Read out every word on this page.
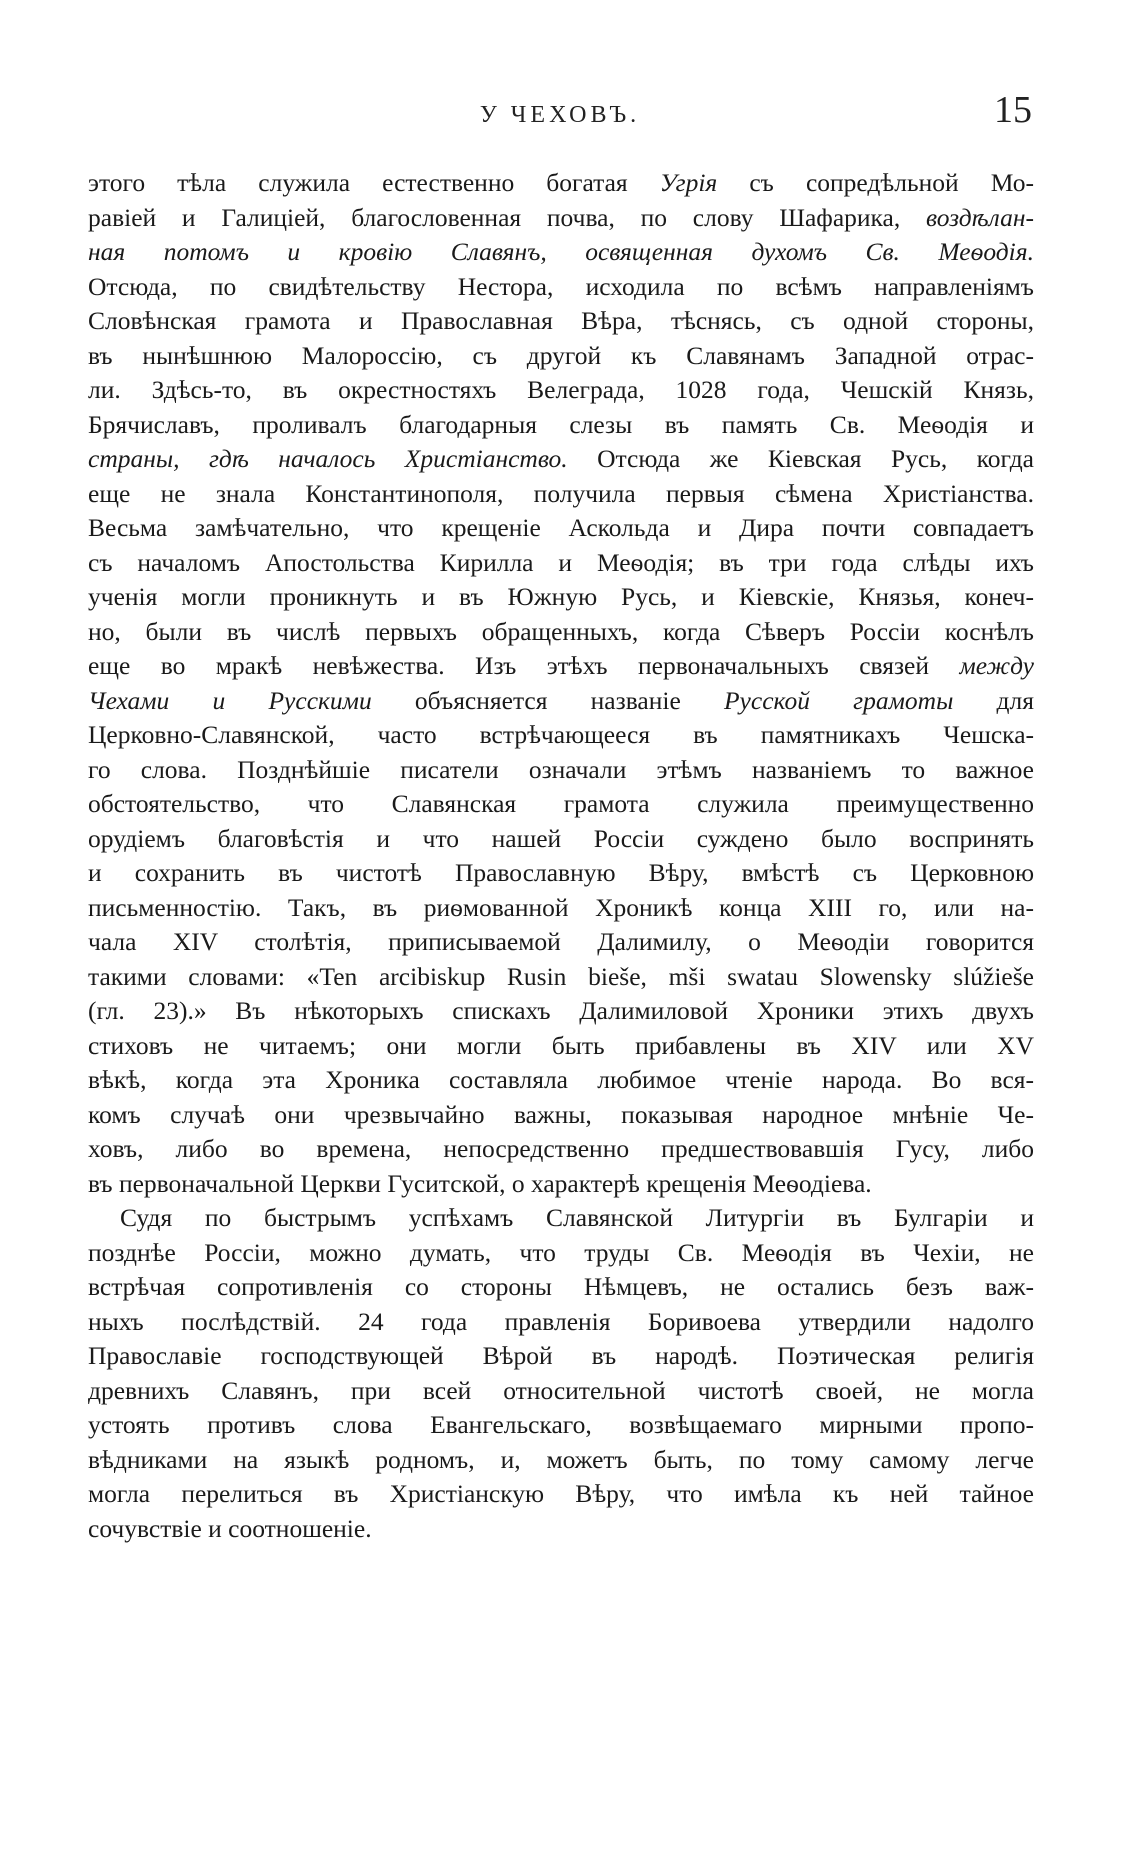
У ЧЕХОВЪ.	15
этого тѣла служила естественно богатая Угрія съ сопредѣльной Мо-
равіей и Галиціей, благословенная почва, по слову Шафарика, воздѣлан-
ная потомъ и кровію Славянъ, освященная духомъ Св. Меѳодія.
Отсюда, по свидѣтельству Нестора, исходила по всѣмъ направленіямъ
Словѣнская грамота и Православная Вѣра, тѣснясь, съ одной стороны,
въ нынѣшнюю Малороссію, съ другой къ Славянамъ Западной отрас-
ли. Здѣсь-то, въ окрестностяхъ Велеграда, 1028 года, Чешскій Князь,
Брячиславъ, проливалъ благодарныя слезы въ память Св. Меѳодія и
страны, гдѣ началось Христіанство. Отсюда же Кіевская Русь, когда
еще не знала Константинополя, получила первыя сѣмена Христіанства.
Весьма замѣчательно, что крещеніе Аскольда и Дира почти совпадаетъ
съ началомъ Апостольства Кирилла и Меѳодія; въ три года слѣды ихъ
ученія могли проникнуть и въ Южную Русь, и Кіевскіе, Князья, конеч-
но, были въ числѣ первыхъ обращенныхъ, когда Сѣверъ Россіи коснѣлъ
еще во мракѣ невѣжества. Изъ этѣхъ первоначальныхъ связей между
Чехами и Русскими объясняется названіе Русской грамоты для
Церковно-Славянской, часто встрѣчающееся въ памятникахъ Чешска-
го слова. Позднѣйшіе писатели означали этѣмъ названіемъ то важное
обстоятельство, что Славянская грамота служила преимущественно
орудіемъ благовѣстія и что нашей Россіи суждено было воспринять
и сохранить въ чистотѣ Православную Вѣру, вмѣстѣ съ Церковною
письменностію. Такъ, въ риѳмованной Хроникѣ конца XIII го, или на-
чала XIV столѣтія, приписываемой Далимилу, о Меѳодіи говорится
такими словами: «Ten arcibiskup Rusin bieše, mši swatau Slowensky slúžieše
(гл. 23).» Въ нѣкоторыхъ спискахъ Далимиловой Хроники этихъ двухъ
стиховъ не читаемъ; они могли быть прибавлены въ XIV или XV
вѣкѣ, когда эта Хроника составляла любимое чтеніе народа. Во вся-
комъ случаѣ они чрезвычайно важны, показывая народное мнѣніе Че-
ховъ, либо во времена, непосредственно предшествовавшія Гусу, либо
въ первоначальной Церкви Гуситской, о характерѣ крещенія Меѳодіева.
Судя по быстрымъ успѣхамъ Славянской Литургіи въ Булгаріи и
позднѣе Россіи, можно думать, что труды Св. Меѳодія въ Чехіи, не
встрѣчая сопротивленія со стороны Нѣмцевъ, не остались безъ важ-
ныхъ послѣдствій. 24 года правленія Боривоева утвердили надолго
Православіе господствующей Вѣрой въ народѣ. Поэтическая религія
древнихъ Славянъ, при всей относительной чистотѣ своей, не могла
устоять противъ слова Евангельскаго, возвѣщаемаго мирными пропо-
вѣдниками на языкѣ родномъ, и, можетъ быть, по тому самому легче
могла перелиться въ Христіанскую Вѣру, что имѣла къ ней тайное
сочувствіе и соотношеніе.
